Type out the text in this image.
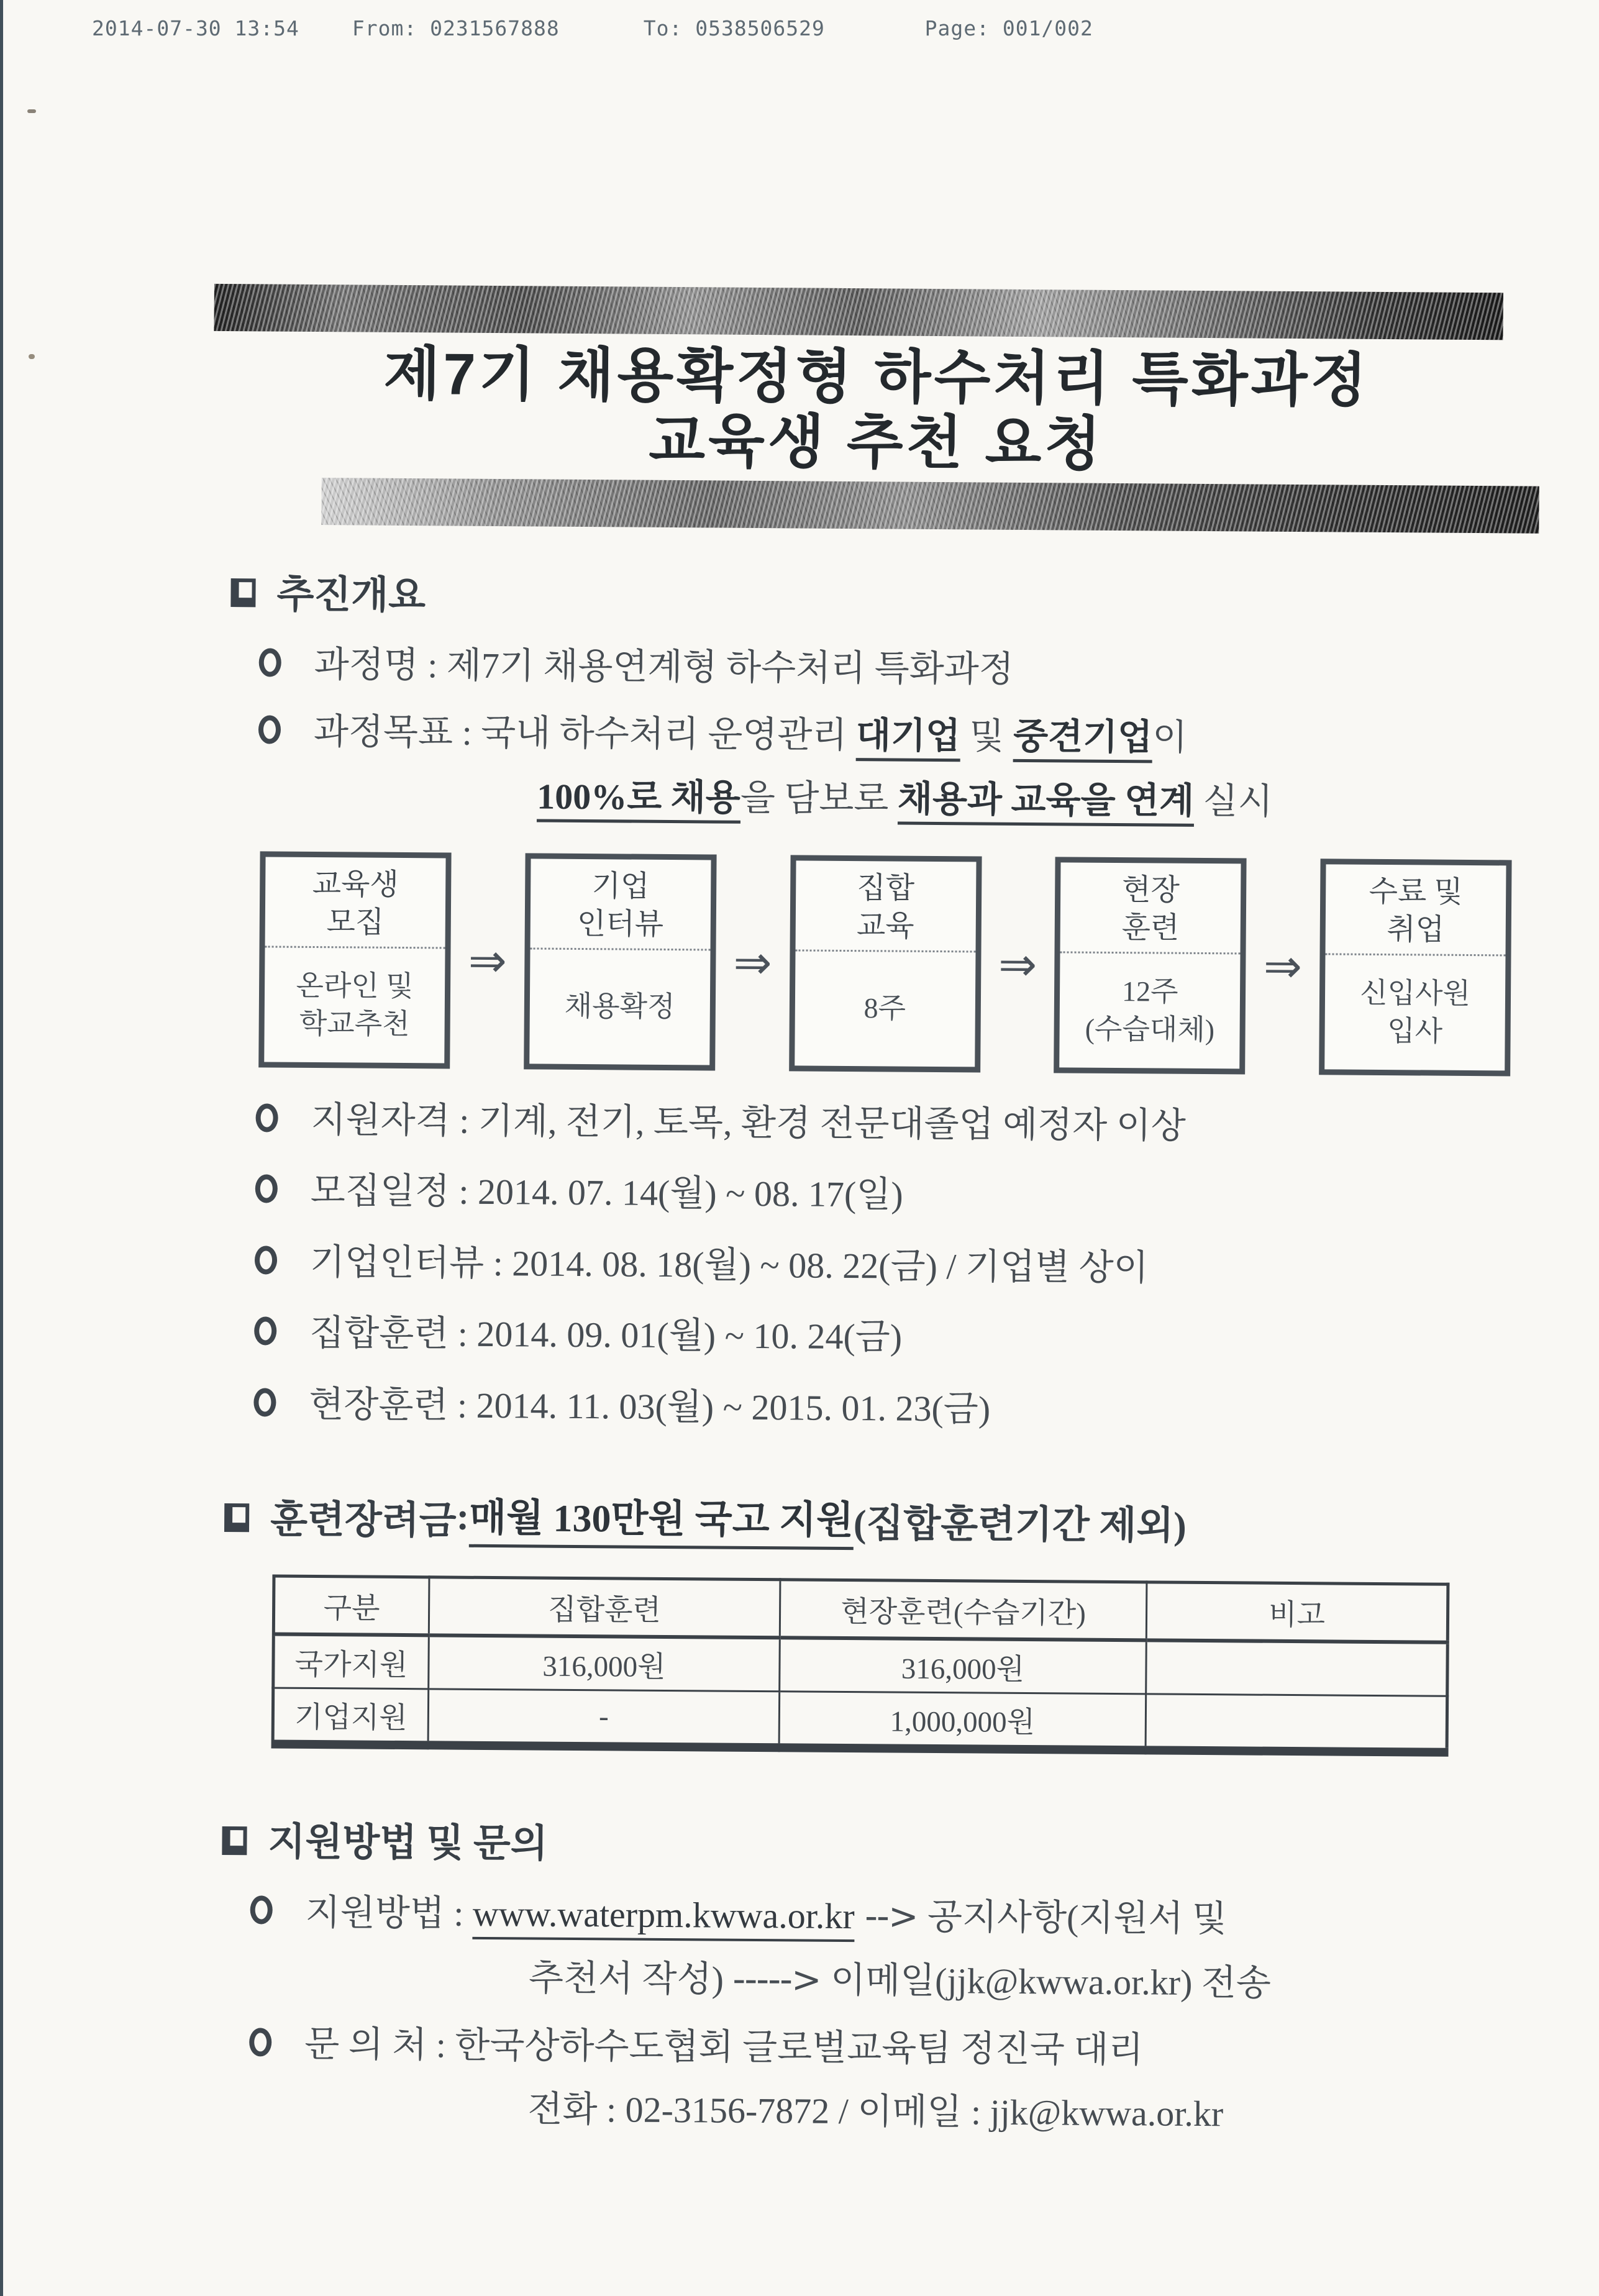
2014-07-30 13:54	From: 0231567888	To: 0538506529	Page: 001/002
제7기 채용확정형 하수처리 특화과정
교육생 추천 요청
추진개요
과정명 : 제7기 채용연계형 하수처리 특화과정
과정목표 : 국내 하수처리 운영관리 대기업 및 중견기업이
100%로 채용을 담보로 채용과 교육을 연계 실시
교육생
모집
온라인 및
학교추천
⇒
기업
인터뷰
채용확정
⇒
집합
교육
8주
⇒
현장
훈련
12주
(수습대체)
⇒
수료 및
취업
신입사원
입사
지원자격 : 기계, 전기, 토목, 환경 전문대졸업 예정자 이상
모집일정 : 2014. 07. 14(월) ~ 08. 17(일)
기업인터뷰 : 2014. 08. 18(월) ~ 08. 22(금) / 기업별 상이
집합훈련 : 2014. 09. 01(월) ~ 10. 24(금)
현장훈련 : 2014. 11. 03(월) ~ 2015. 01. 23(금)
훈련장려금 : 매월 130만원 국고 지원 (집합훈련기간 제외)
구분	집합훈련	현장훈련(수습기간)	비고
국가지원	316,000원	316,000원	
기업지원	-	1,000,000원	
지원방법 및 문의
지원방법 : www.waterpm.kwwa.or.kr --> 공지사항(지원서 및
추천서 작성) -----> 이메일(jjk@kwwa.or.kr) 전송
문 의 처 : 한국상하수도협회 글로벌교육팀 정진국 대리
전화 : 02-3156-7872 / 이메일 : jjk@kwwa.or.kr
